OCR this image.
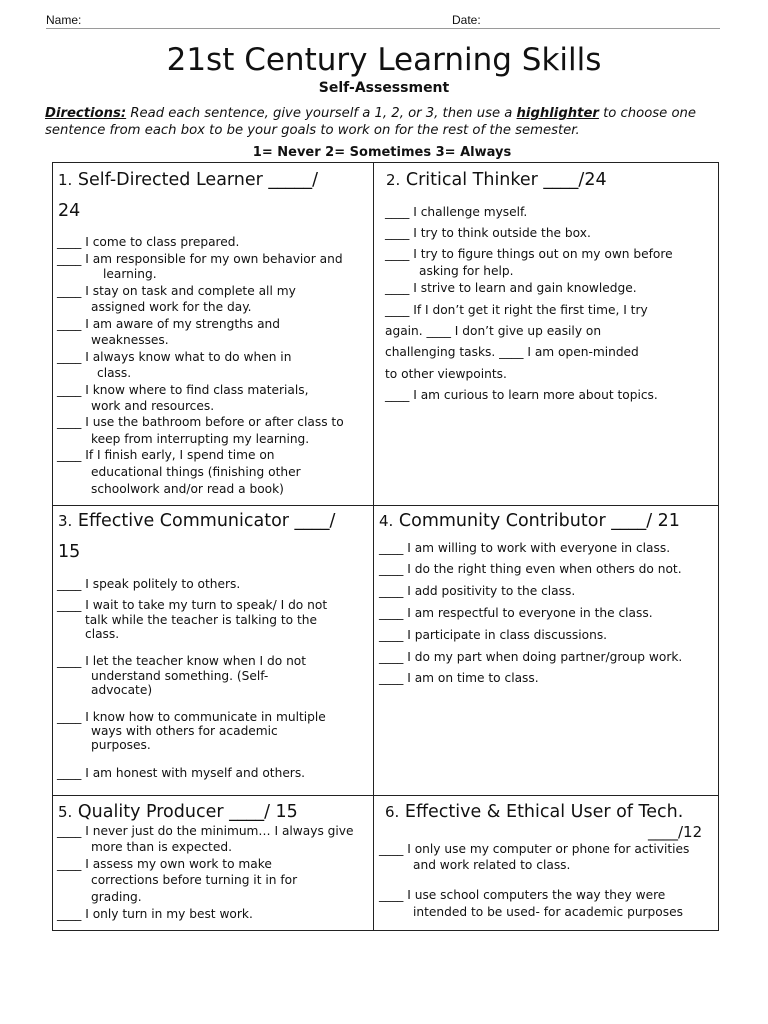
Name:	Date:
21st Century Learning Skills
Self-Assessment
Directions: Read each sentence, give yourself a 1, 2, or 3, then use a highlighter to choose one
sentence from each box to be your goals to work on for the rest of the semester.
1= Never 2= Sometimes 3= Always
1. Self-Directed Learner _____/
24
____ I come to class prepared.
____ I am responsible for my own behavior and
learning.
____ I stay on task and complete all my
assigned work for the day.
____ I am aware of my strengths and
weaknesses.
____ I always know what to do when in
class.
____ I know where to find class materials,
work and resources.
____ I use the bathroom before or after class to
keep from interrupting my learning.
____ If I finish early, I spend time on
educational things (finishing other
schoolwork and/or read a book)
2. Critical Thinker ____/24
____ I challenge myself.
____ I try to think outside the box.
____ I try to figure things out on my own before
asking for help.
____ I strive to learn and gain knowledge.
____ If I don’t get it right the first time, I try
again. ____ I don’t give up easily on
challenging tasks. ____ I am open-minded
to other viewpoints.
____ I am curious to learn more about topics.
3. Effective Communicator ____/
15
____ I speak politely to others.
____ I wait to take my turn to speak/ I do not
talk while the teacher is talking to the
class.
____ I let the teacher know when I do not
understand something. (Self-
advocate)
____ I know how to communicate in multiple
ways with others for academic
purposes.
____ I am honest with myself and others.
4. Community Contributor ____/ 21
____ I am willing to work with everyone in class.
____ I do the right thing even when others do not.
____ I add positivity to the class.
____ I am respectful to everyone in the class.
____ I participate in class discussions.
____ I do my part when doing partner/group work.
____ I am on time to class.
5. Quality Producer ____/ 15
____ I never just do the minimum… I always give
more than is expected.
____ I assess my own work to make
corrections before turning it in for
grading.
____ I only turn in my best work.
6. Effective & Ethical User of Tech.
____/12
____ I only use my computer or phone for activities
and work related to class.
____ I use school computers the way they were
intended to be used- for academic purposes
